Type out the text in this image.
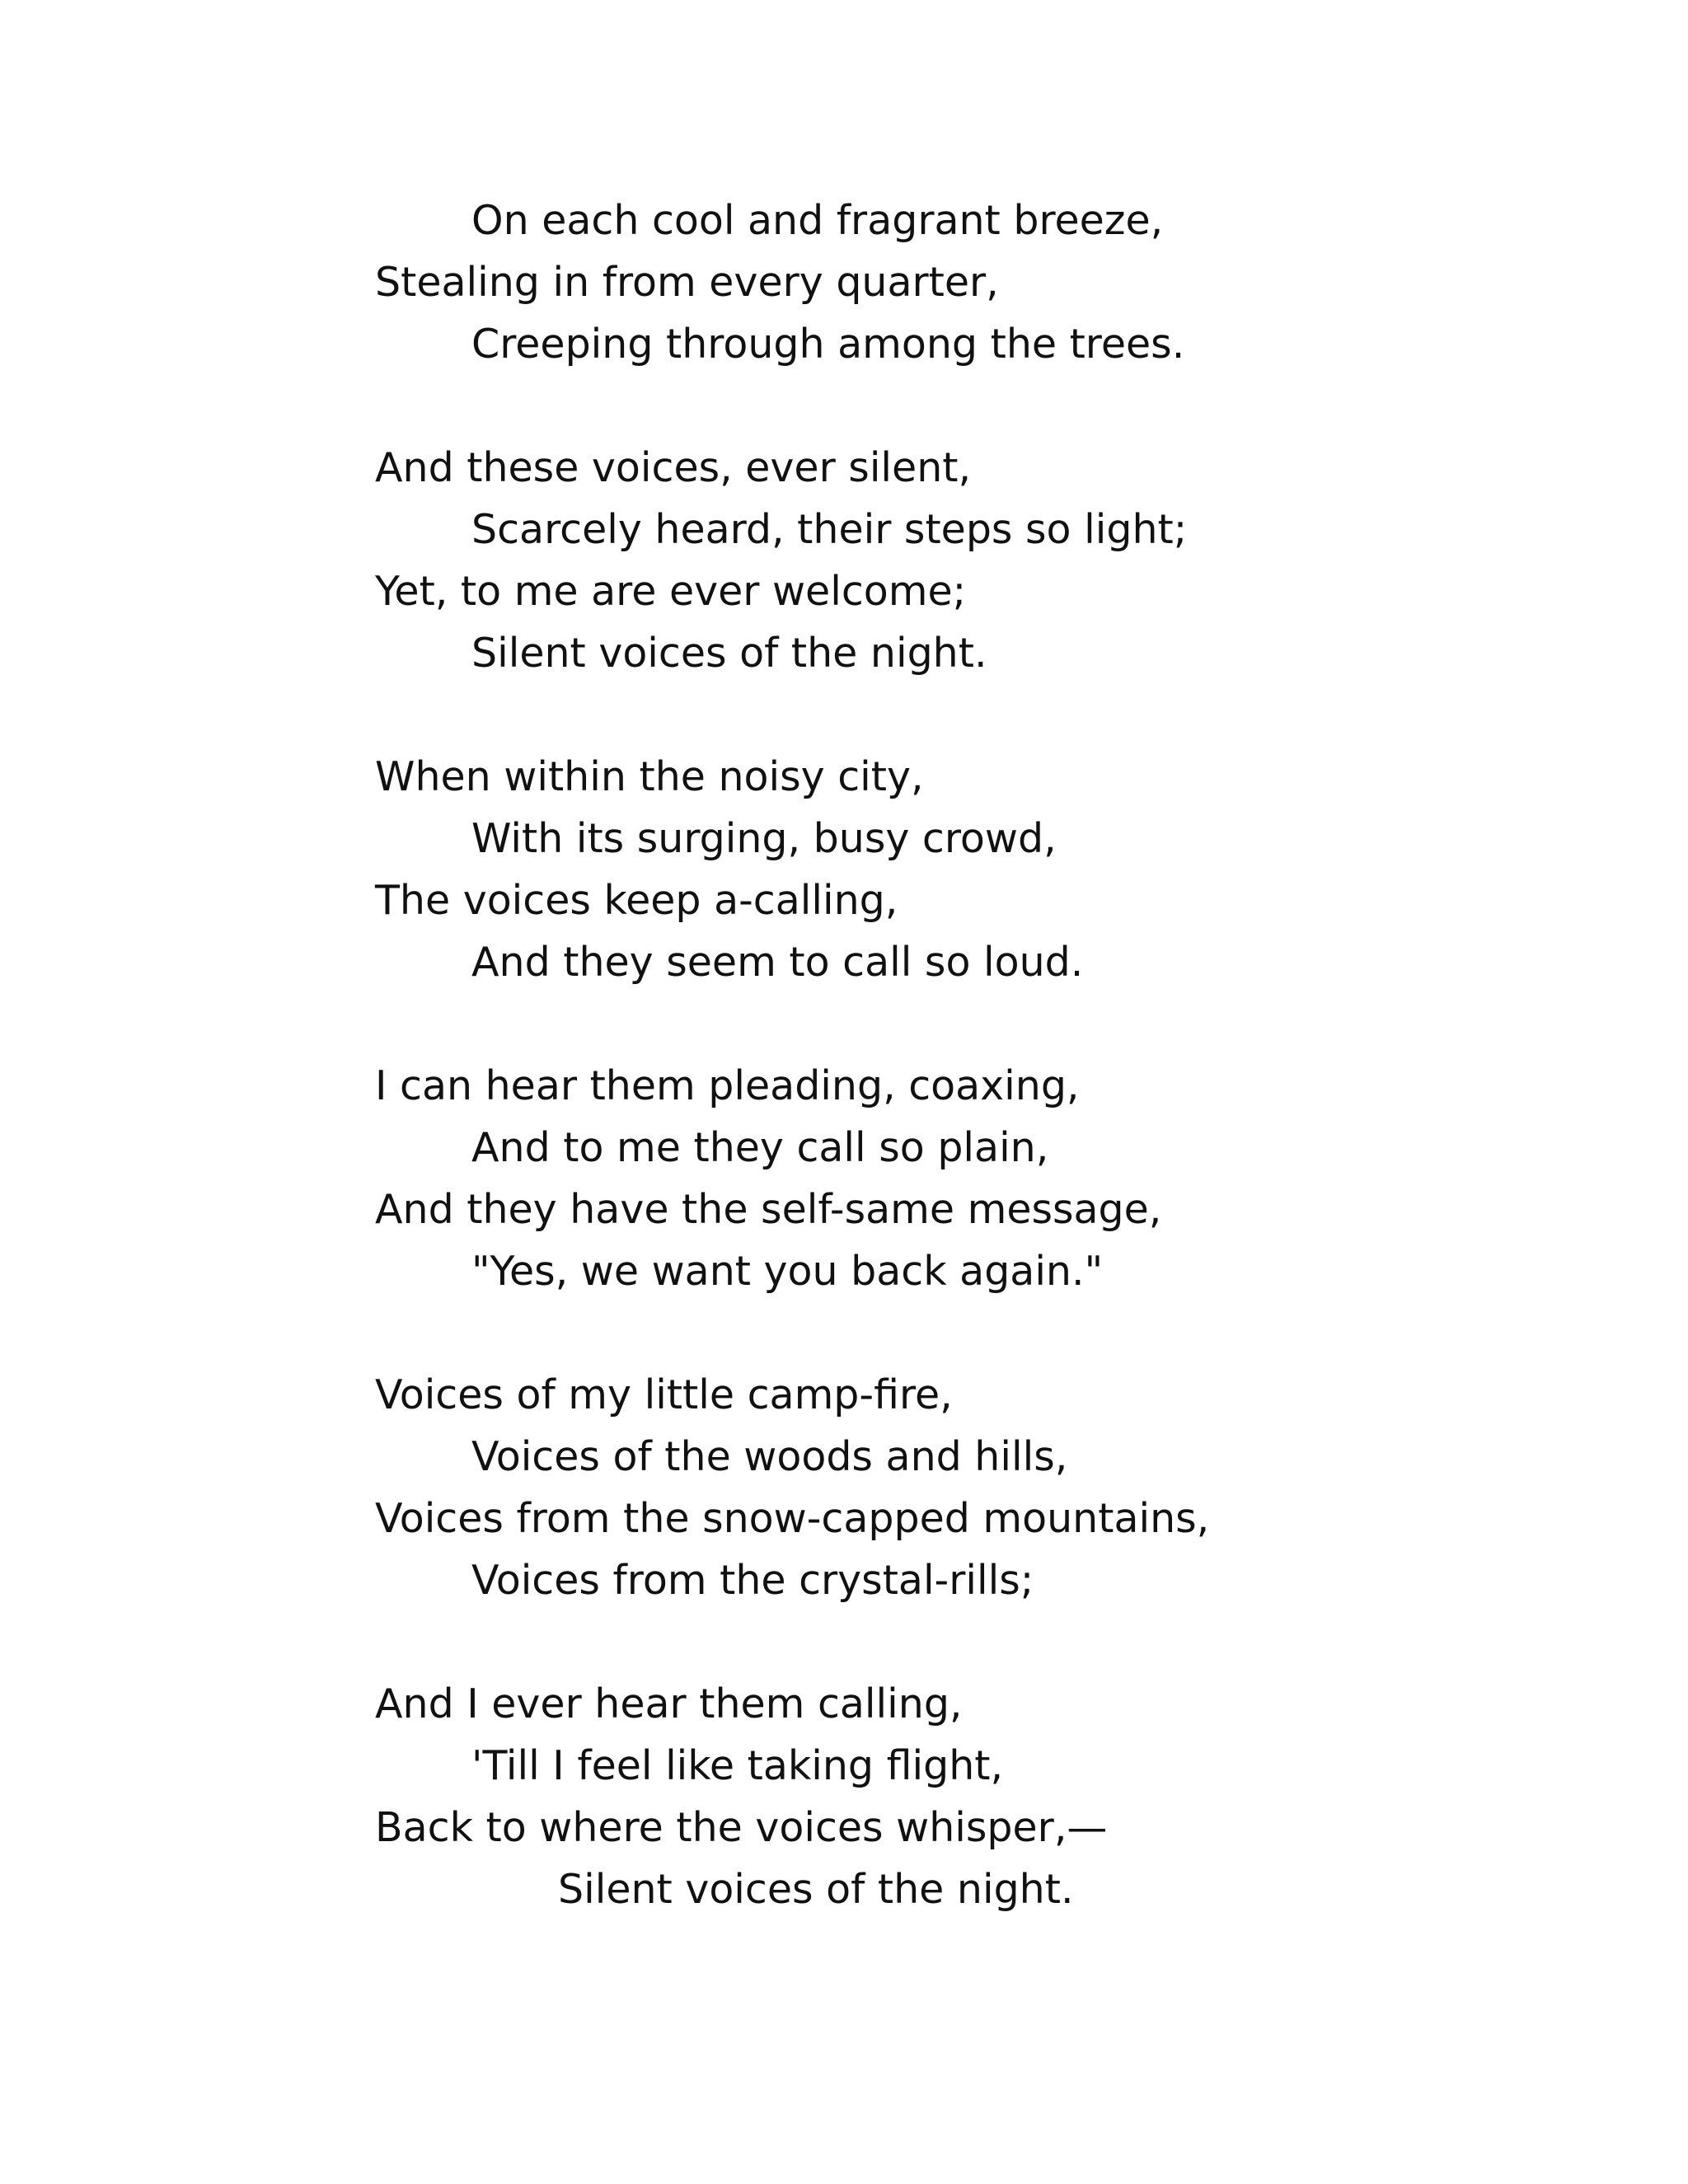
On each cool and fragrant breeze,
Stealing in from every quarter,
Creeping through among the trees.
And these voices, ever silent,
Scarcely heard, their steps so light;
Yet, to me are ever welcome;
Silent voices of the night.
When within the noisy city,
With its surging, busy crowd,
The voices keep a-calling,
And they seem to call so loud.
I can hear them pleading, coaxing,
And to me they call so plain,
And they have the self-same message,
"Yes, we want you back again."
Voices of my little camp-fire,
Voices of the woods and hills,
Voices from the snow-capped mountains,
Voices from the crystal-rills;
And I ever hear them calling,
'Till I feel like taking flight,
Back to where the voices whisper,—
Silent voices of the night.
